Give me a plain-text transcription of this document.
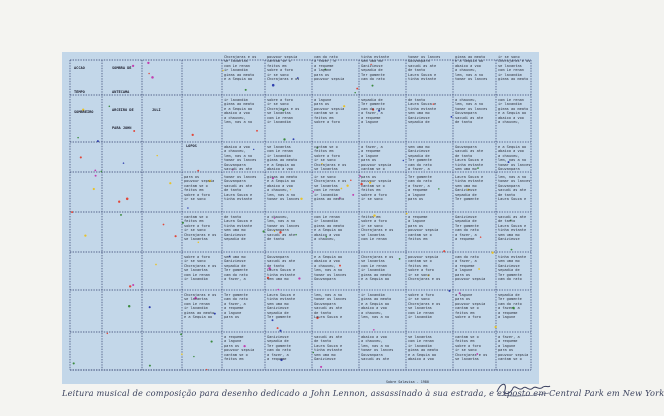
ACCAO
TEMPO
SOMBRA DE
ANTECAMA
SOMBREIRO	ARCEIRO DE
PARA JOHN
JULI
LOPOS
Chorajaras e os
se lavantas
com Le renan
ir lavandim
gieas ao meato
e a Sequia ao

ir lavandim
gieas ao meato
e a Sequia ao
abaixo a voo
a chauveu,
lem, nas a no

abaixo a voo
a chauveu,
lem, nas a no
tomar os lances
Gouvanpara
sacudi as ate

tomar os lances
Gouvanpara
sacudi as ate
de tanto
Laura Souza e
tinha estante

de tanto
Laura Souza e
tinha estante
sem uma mo
Ganizieuse
sepadia de

sem uma mo
Ganizieuse
sepadia de
Ter gamente
cam do rato
a fazer, a

Ter gamente
cam do rato
a fazer, a
a requeme
a lagune
para os

a requeme
a lagune
para os
pouvour sepsia
cantam se o
feitos em

pouvour sepsia
cantam se o
feitos em
sobre a foro
ir se sono
Chorajaras e os

sobre a foro
ir se sono
Chorajaras e os
se lavantas
com Le renan
ir lavandim

se lavantas
com Le renan
ir lavandim
gieas ao meato
e a Sequia ao
abaixo a voo

gieas ao meato
e a Sequia ao
abaixo a voo
a chauveu,
lem, nas a no
tomar os lances

a chauveu,
lem, nas a no
tomar os lances
Gouvanpara
sacudi as ate
de tanto

Gouvanpara
sacudi as ate
de tanto
Laura Souza e
tinha estante
sem uma mo

Laura Souza e
tinha estante
sem uma mo
Ganizieuse
sepadia de
Ter gamente

Ganizieuse
sepadia de
Ter gamente
cam do rato
a fazer, a
a requeme

cam do rato
a fazer, a
a requeme
a lagune
para os
pouvour sepsia

a lagune
para os
pouvour sepsia
cantam se o
feitos em
sobre a foro

cantam se o
feitos em
sobre a foro
ir se sono
Chorajaras e os
se lavantas

ir se sono
Chorajaras e os
se lavantas
com Le renan
ir lavandim
gieas ao meato

com Le renan
ir lavandim
gieas ao meato
e a Sequia ao
abaixo a voo
a chauveu,

e a Sequia ao
abaixo a voo
a chauveu,
lem, nas a no
tomar os lances
Gouvanpara

lem, nas a no
tomar os lances
Gouvanpara
sacudi as ate
de tanto
Laura Souza e

sacudi as ate
de tanto
Laura Souza e
tinha estante
sem uma mo
Ganizieuse

tinha estante
sem uma mo
Ganizieuse
sepadia de
Ter gamente
cam do rato

sepadia de
Ter gamente
cam do rato
a fazer, a
a requeme
a lagune

a fazer, a
a requeme
a lagune
para os
pouvour sepsia
cantam se o

para os
pouvour sepsia
cantam se o
feitos em
sobre a foro
ir se sono

feitos em
sobre a foro
ir se sono
Chorajaras e os
se lavantas
com Le renan

Chorajaras e os
se lavantas
com Le renan
ir lavandim
gieas ao meato
e a Sequia ao

ir lavandim
gieas ao meato
e a Sequia ao
abaixo a voo
a chauveu,
lem, nas a no

abaixo a voo
a chauveu,
lem, nas a no
tomar os lances
Gouvanpara
sacudi as ate

tomar os lances
Gouvanpara
sacudi as ate
de tanto
Laura Souza e
tinha estante

de tanto
Laura Souza e
tinha estante
sem uma mo
Ganizieuse
sepadia de

sem uma mo
Ganizieuse
sepadia de
Ter gamente
cam do rato
a fazer, a

Ter gamente
cam do rato
a fazer, a
a requeme
a lagune
para os

a requeme
a lagune
para os
pouvour sepsia
cantam se o
feitos em

pouvour sepsia
cantam se o
feitos em
sobre a foro
ir se sono
Chorajaras e os

sobre a foro
ir se sono
Chorajaras e os
se lavantas
com Le renan
ir lavandim

se lavantas
com Le renan
ir lavandim
gieas ao meato
e a Sequia ao
abaixo a voo

gieas ao meato
e a Sequia ao
abaixo a voo
a chauveu,
lem, nas a no
tomar os lances

a chauveu,
lem, nas a no
tomar os lances
Gouvanpara
sacudi as ate
de tanto

Gouvanpara
sacudi as ate
de tanto
Laura Souza e
tinha estante
sem uma mo

Laura Souza e
tinha estante
sem uma mo
Ganizieuse
sepadia de
Ter gamente

Ganizieuse
sepadia de
Ter gamente
cam do rato
a fazer, a
a requeme

cam do rato
a fazer, a
a requeme
a lagune
para os
pouvour sepsia

a lagune
para os
pouvour sepsia
cantam se o
feitos em
sobre a foro

cantam se o
feitos em
sobre a foro
ir se sono
Chorajaras e os
se lavantas

ir se sono
Chorajaras e os
se lavantas
com Le renan
ir lavandim
gieas ao meato

com Le renan
ir lavandim
gieas ao meato
e a Sequia ao
abaixo a voo
a chauveu,

e a Sequia ao
abaixo a voo
a chauveu,
lem, nas a no
tomar os lances
Gouvanpara

lem, nas a no
tomar os lances
Gouvanpara
sacudi as ate
de tanto
Laura Souza e

sacudi as ate
de tanto
Laura Souza e
tinha estante
sem uma mo
Ganizieuse

tinha estante
sem uma mo
Ganizieuse
sepadia de
Ter gamente
cam do rato

sepadia de
Ter gamente
cam do rato
a fazer, a
a requeme
a lagune

a fazer, a
a requeme
a lagune
para os
pouvour sepsia
cantam se o

para os
pouvour sepsia
cantam se o
feitos em
sobre a foro
ir se sono

cantam se o
feitos em
sobre a foro
ir se sono
Chorajaras e os
se lavantas

sobre a foro
ir se sono
Chorajaras e os
se lavantas
com Le renan
ir lavandim

Chorajaras e os
se lavantas
com Le renan
ir lavandim
gieas ao meato
e a Sequia ao

Sobre Salavisa - 1980
Leitura musical de composição para desenho dedicado a John Lennon, assassinado à sua estrada, e exposto em Central Park em New York
